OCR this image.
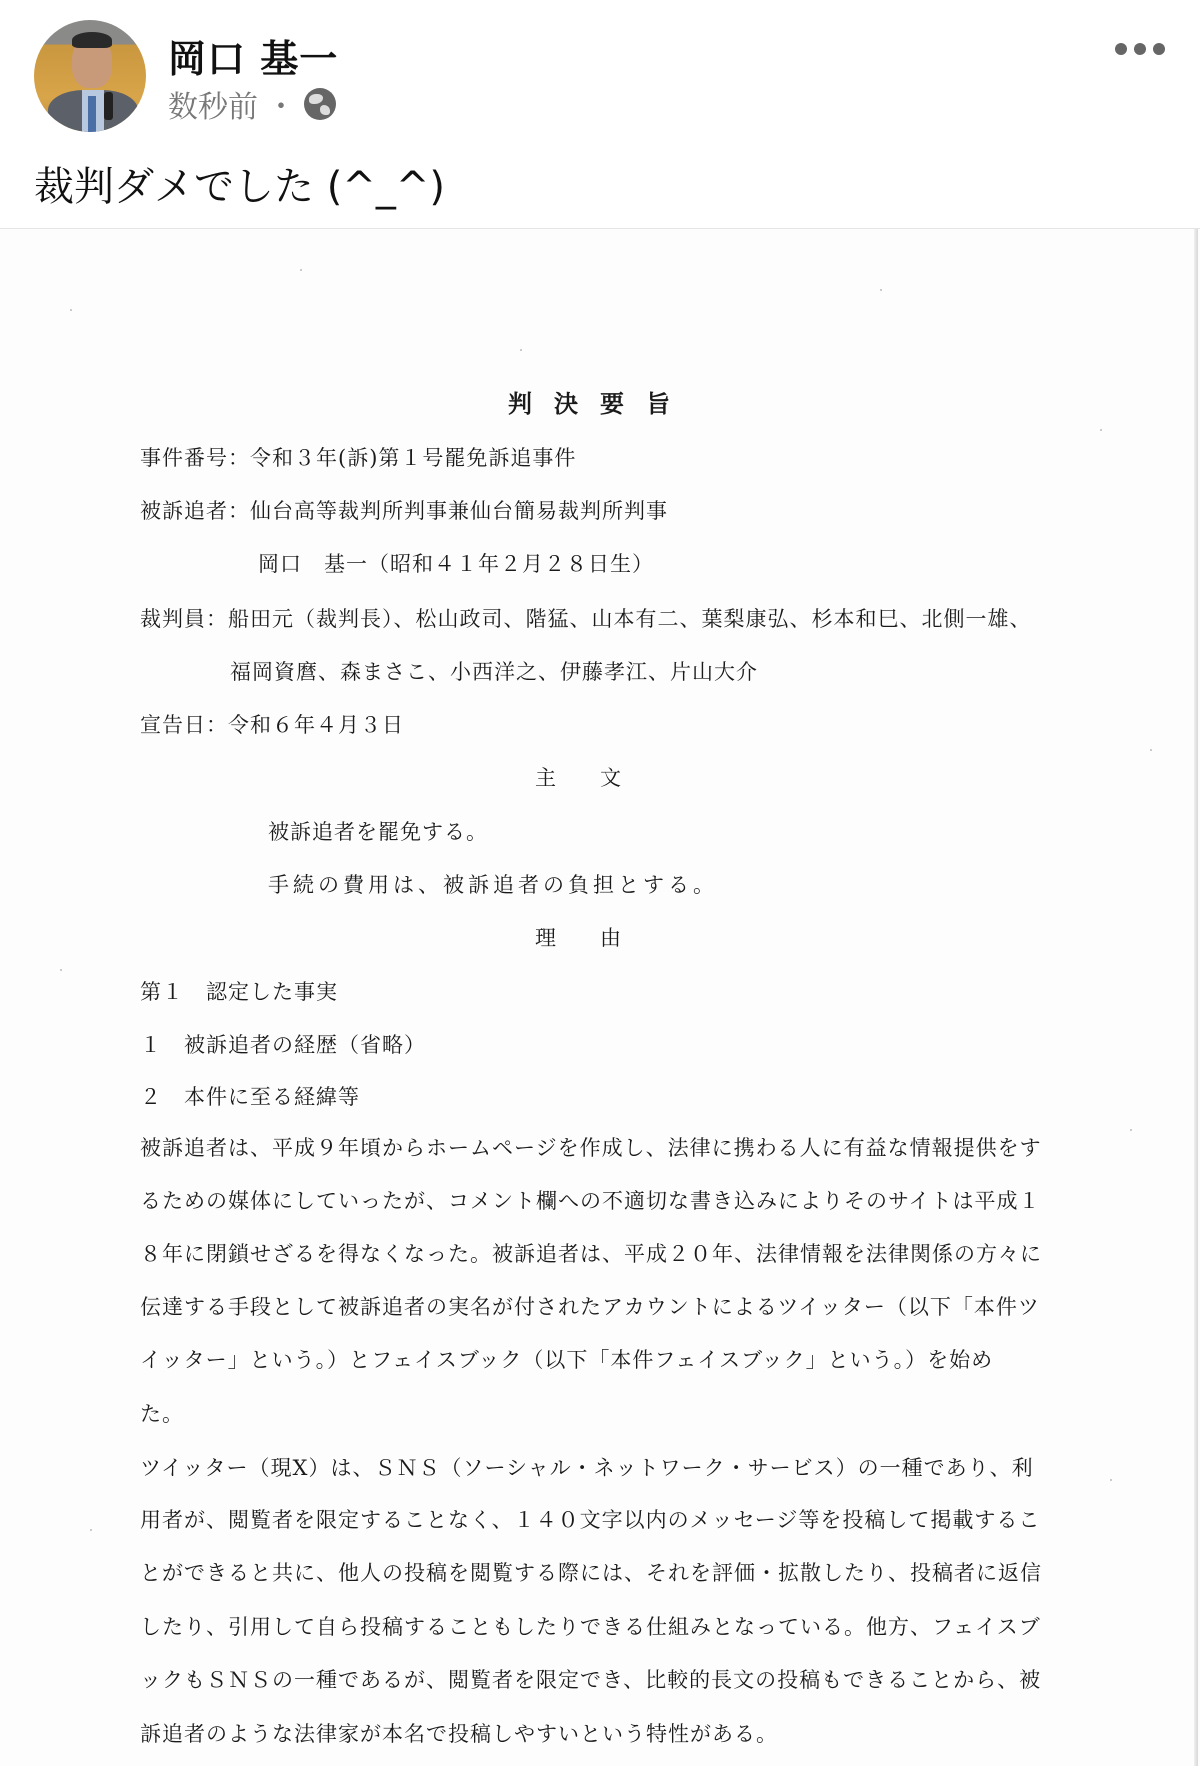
岡口 基一
数秒前 ・
裁判ダメでした (^_^)
判決要旨
事件番号：令和３年(訴)第１号罷免訴追事件
被訴追者：仙台高等裁判所判事兼仙台簡易裁判所判事
岡口　基一（昭和４１年２月２８日生）
裁判員：船田元（裁判長）、松山政司、階猛、山本有二、葉梨康弘、杉本和巳、北側一雄、
福岡資麿、森まさこ、小西洋之、伊藤孝江、片山大介
宣告日：令和６年４月３日
主文
被訴追者を罷免する。
手続の費用は、被訴追者の負担とする。
理由
第１　認定した事実
１　被訴追者の経歴（省略）
２　本件に至る経緯等
被訴追者は、平成９年頃からホームページを作成し、法律に携わる人に有益な情報提供をす
るための媒体にしていったが、コメント欄への不適切な書き込みによりそのサイトは平成１
８年に閉鎖せざるを得なくなった。被訴追者は、平成２０年、法律情報を法律関係の方々に
伝達する手段として被訴追者の実名が付されたアカウントによるツイッター（以下「本件ツ
イッター」という。）とフェイスブック（以下「本件フェイスブック」という。）を始め
た。
ツイッター（現X）は、ＳＮＳ（ソーシャル・ネットワーク・サービス）の一種であり、利
用者が、閲覧者を限定することなく、１４０文字以内のメッセージ等を投稿して掲載するこ
とができると共に、他人の投稿を閲覧する際には、それを評価・拡散したり、投稿者に返信
したり、引用して自ら投稿することもしたりできる仕組みとなっている。他方、フェイスブ
ックもＳＮＳの一種であるが、閲覧者を限定でき、比較的長文の投稿もできることから、被
訴追者のような法律家が本名で投稿しやすいという特性がある。
